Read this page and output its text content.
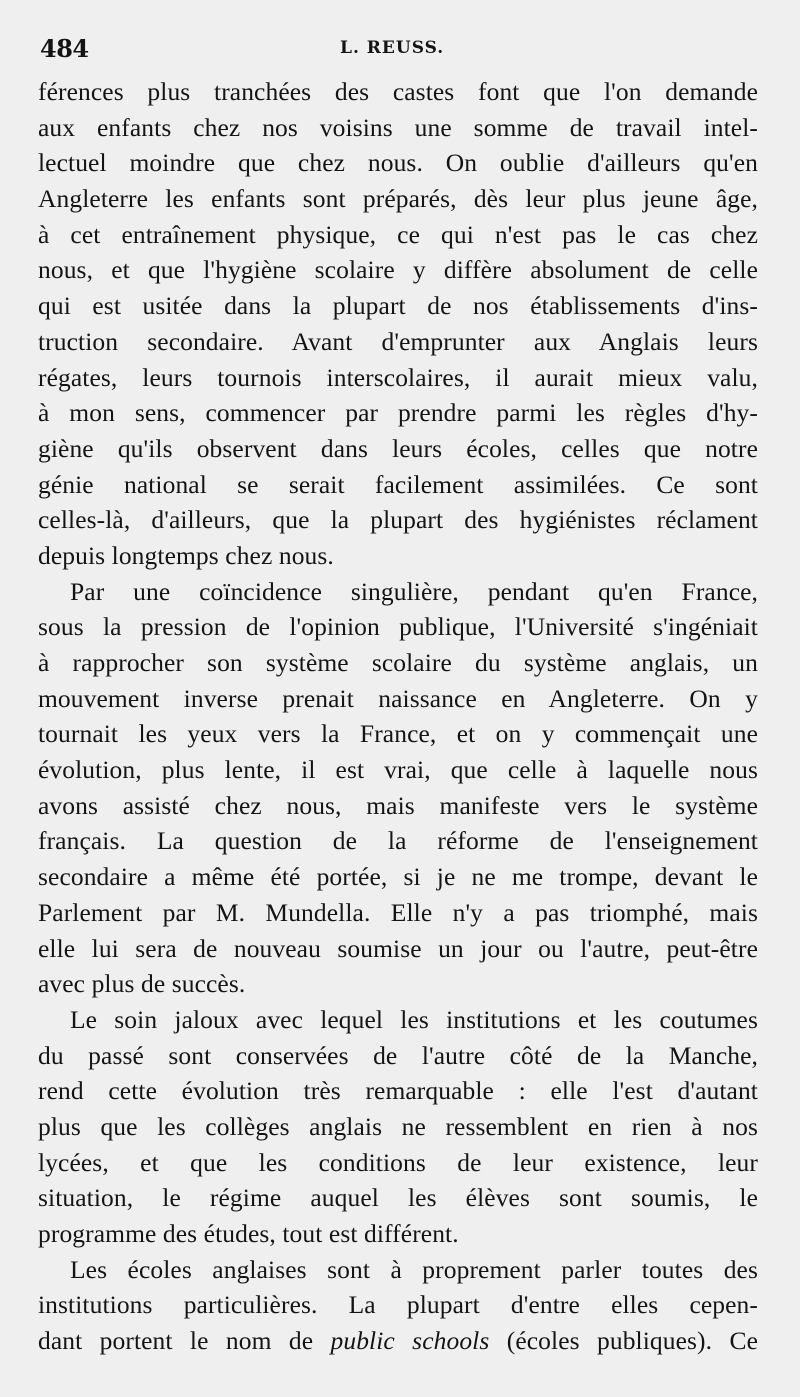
484	L. REUSS.
férences plus tranchées des castes font que l'on demande
aux enfants chez nos voisins une somme de travail intel-
lectuel moindre que chez nous. On oublie d'ailleurs qu'en
Angleterre les enfants sont préparés, dès leur plus jeune âge,
à cet entraînement physique, ce qui n'est pas le cas chez
nous, et que l'hygiène scolaire y diffère absolument de celle
qui est usitée dans la plupart de nos établissements d'ins-
truction secondaire. Avant d'emprunter aux Anglais leurs
régates, leurs tournois interscolaires, il aurait mieux valu,
à mon sens, commencer par prendre parmi les règles d'hy-
giène qu'ils observent dans leurs écoles, celles que notre
génie national se serait facilement assimilées. Ce sont
celles-là, d'ailleurs, que la plupart des hygiénistes réclament
depuis longtemps chez nous.
Par une coïncidence singulière, pendant qu'en France,
sous la pression de l'opinion publique, l'Université s'ingéniait
à rapprocher son système scolaire du système anglais, un
mouvement inverse prenait naissance en Angleterre. On y
tournait les yeux vers la France, et on y commençait une
évolution, plus lente, il est vrai, que celle à laquelle nous
avons assisté chez nous, mais manifeste vers le système
français. La question de la réforme de l'enseignement
secondaire a même été portée, si je ne me trompe, devant le
Parlement par M. Mundella. Elle n'y a pas triomphé, mais
elle lui sera de nouveau soumise un jour ou l'autre, peut-être
avec plus de succès.
Le soin jaloux avec lequel les institutions et les coutumes
du passé sont conservées de l'autre côté de la Manche,
rend cette évolution très remarquable : elle l'est d'autant
plus que les collèges anglais ne ressemblent en rien à nos
lycées, et que les conditions de leur existence, leur
situation, le régime auquel les élèves sont soumis, le
programme des études, tout est différent.
Les écoles anglaises sont à proprement parler toutes des
institutions particulières. La plupart d'entre elles cepen-
dant portent le nom de public schools (écoles publiques). Ce
